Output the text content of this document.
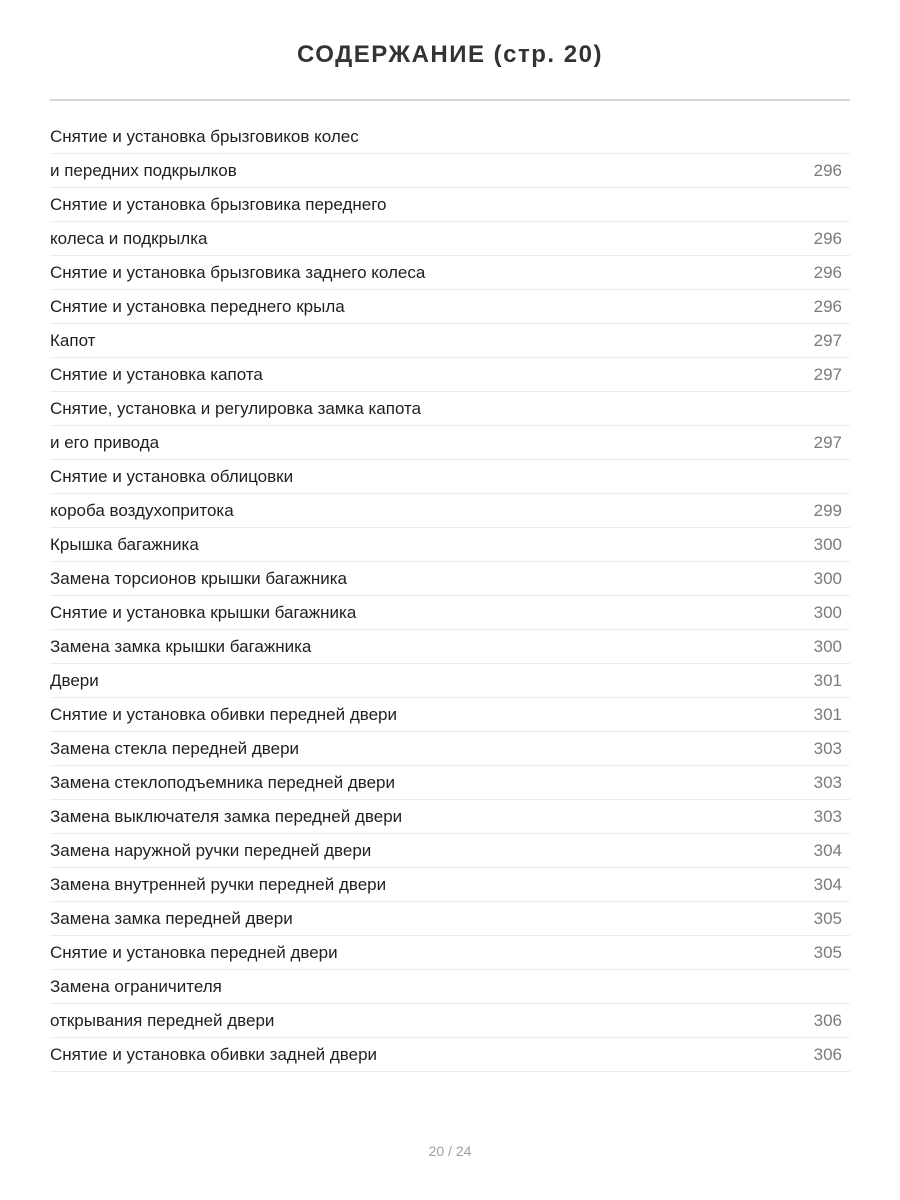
СОДЕРЖАНИЕ (стр. 20)
Снятие и установка брызговиков колес
и передних подкрылков	296
Снятие и установка брызговика переднего
колеса и подкрылка	296
Снятие и установка брызговика заднего колеса	296
Снятие и установка переднего крыла	296
Капот	297
Снятие и установка капота	297
Снятие, установка и регулировка замка капота
и его привода	297
Снятие и установка облицовки
короба воздухопритока	299
Крышка багажника	300
Замена торсионов крышки багажника	300
Снятие и установка крышки багажника	300
Замена замка крышки багажника	300
Двери	301
Снятие и установка обивки передней двери	301
Замена стекла передней двери	303
Замена стеклоподъемника передней двери	303
Замена выключателя замка передней двери	303
Замена наружной ручки передней двери	304
Замена внутренней ручки передней двери	304
Замена замка передней двери	305
Снятие и установка передней двери	305
Замена ограничителя
открывания передней двери	306
Снятие и установка обивки задней двери	306
20 / 24
